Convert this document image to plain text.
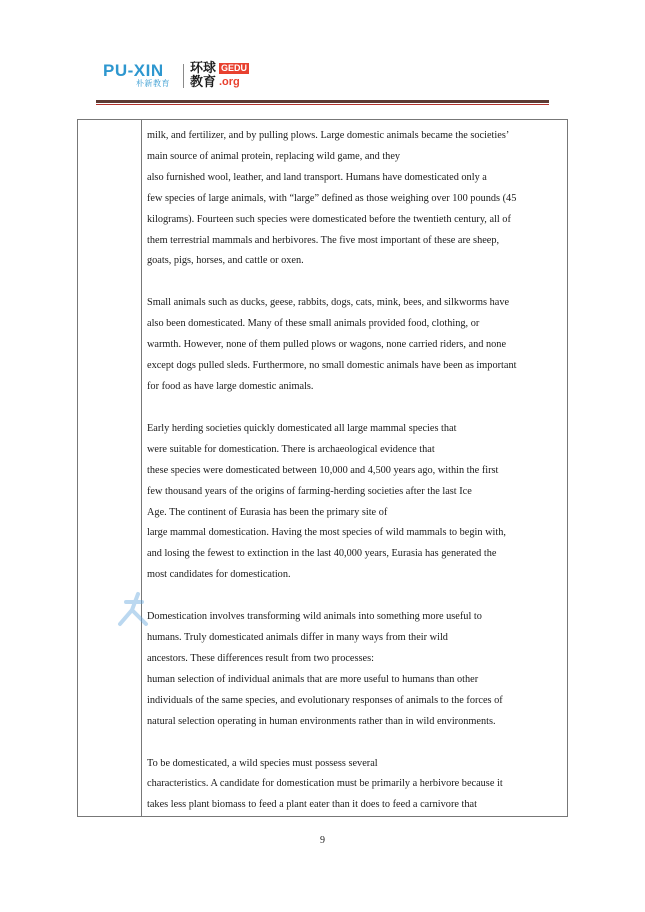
PU-XIN
朴新教育
环球
教育
GEDU
.org
milk, and fertilizer, and by pulling plows. Large domestic animals became the societies’
main source of animal protein, replacing wild game, and they
also furnished wool, leather, and land transport. Humans have domesticated only a
few species of large animals, with “large” defined as those weighing over 100 pounds (45
kilograms). Fourteen such species were domesticated before the twentieth century, all of
them terrestrial mammals and herbivores. The five most important of these are sheep,
goats, pigs, horses, and cattle or oxen.
Small animals such as ducks, geese, rabbits, dogs, cats, mink, bees, and silkworms have
also been domesticated. Many of these small animals provided food, clothing, or
warmth. However, none of them pulled plows or wagons, none carried riders, and none
except dogs pulled sleds. Furthermore, no small domestic animals have been as important
for food as have large domestic animals.
Early herding societies quickly domesticated all large mammal species that
were suitable for domestication. There is archaeological evidence that
these species were domesticated between 10,000 and 4,500 years ago, within the first
few thousand years of the origins of farming-herding societies after the last Ice
Age. The continent of Eurasia has been the primary site of
large mammal domestication. Having the most species of wild mammals to begin with,
and losing the fewest to extinction in the last 40,000 years, Eurasia has generated the
most candidates for domestication.
Domestication involves transforming wild animals into something more useful to
humans. Truly domesticated animals differ in many ways from their wild
ancestors. These differences result from two processes:
human selection of individual animals that are more useful to humans than other
individuals of the same species, and evolutionary responses of animals to the forces of
natural selection operating in human environments rather than in wild environments.
To be domesticated, a wild species must possess several
characteristics. A candidate for domestication must be primarily a herbivore because it
takes less plant biomass to feed a plant eater than it does to feed a carnivore that
9
